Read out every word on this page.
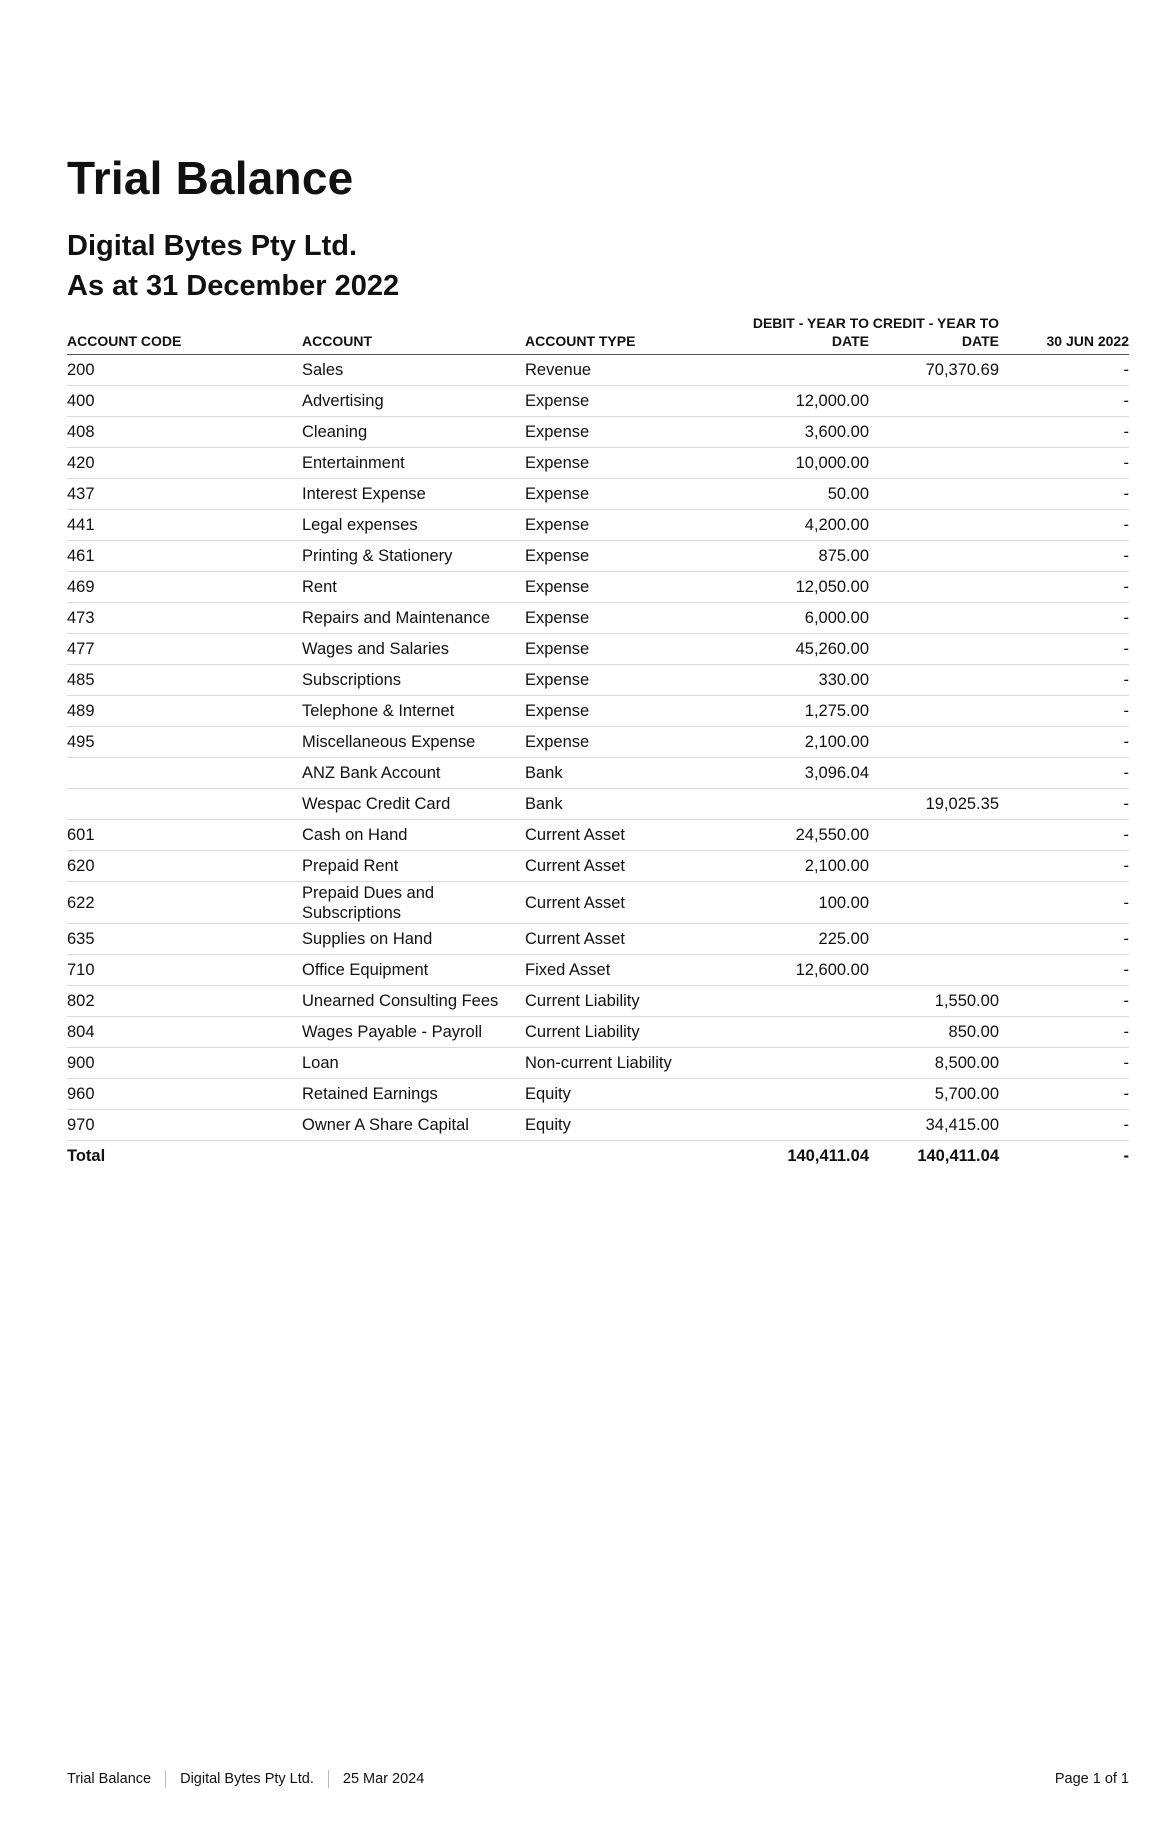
Trial Balance
Digital Bytes Pty Ltd.
As at 31 December 2022
ACCOUNT CODE	ACCOUNT	ACCOUNT TYPE	DEBIT - YEAR TO DATE	CREDIT - YEAR TO DATE	30 JUN 2022
200	Sales	Revenue		70,370.69	-
400	Advertising	Expense	12,000.00		-
408	Cleaning	Expense	3,600.00		-
420	Entertainment	Expense	10,000.00		-
437	Interest Expense	Expense	50.00		-
441	Legal expenses	Expense	4,200.00		-
461	Printing & Stationery	Expense	875.00		-
469	Rent	Expense	12,050.00		-
473	Repairs and Maintenance	Expense	6,000.00		-
477	Wages and Salaries	Expense	45,260.00		-
485	Subscriptions	Expense	330.00		-
489	Telephone & Internet	Expense	1,275.00		-
495	Miscellaneous Expense	Expense	2,100.00		-
	ANZ Bank Account	Bank	3,096.04		-
	Wespac Credit Card	Bank		19,025.35	-
601	Cash on Hand	Current Asset	24,550.00		-
620	Prepaid Rent	Current Asset	2,100.00		-
622	Prepaid Dues and Subscriptions	Current Asset	100.00		-
635	Supplies on Hand	Current Asset	225.00		-
710	Office Equipment	Fixed Asset	12,600.00		-
802	Unearned Consulting Fees	Current Liability		1,550.00	-
804	Wages Payable - Payroll	Current Liability		850.00	-
900	Loan	Non-current Liability		8,500.00	-
960	Retained Earnings	Equity		5,700.00	-
970	Owner A Share Capital	Equity		34,415.00	-
Total			140,411.04	140,411.04	-
Trial Balance Digital Bytes Pty Ltd. 25 Mar 2024	Page 1 of 1
